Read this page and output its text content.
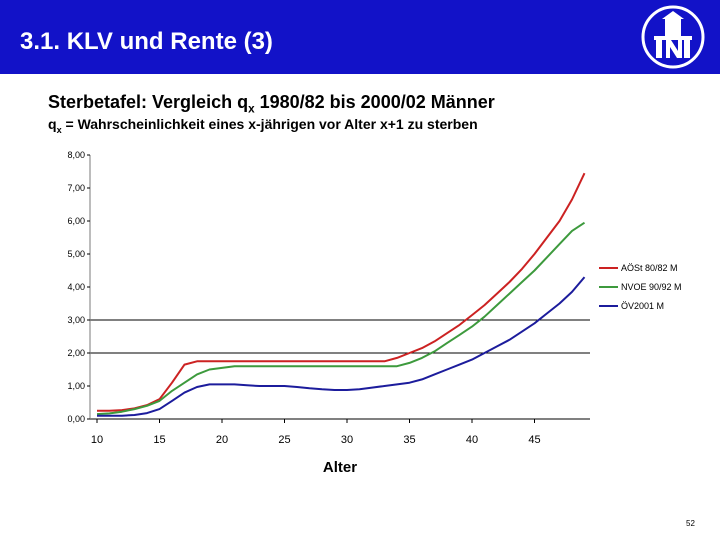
3.1. KLV und Rente (3)
Sterbetafel: Vergleich $q_x$ 1980/82 bis 2000/02 Männer
$q_x$ = Wahrscheinlichkeit eines x-jährigen vor Alter x+1 zu sterben
0,00
1,00
2,00
3,00
4,00
5,00
6,00
7,00
8,00
10	15	20	25	30	35	40	45
Alter
AÖSt 80/82 M
NVOE 90/92 M
ÖV2001 M
52
